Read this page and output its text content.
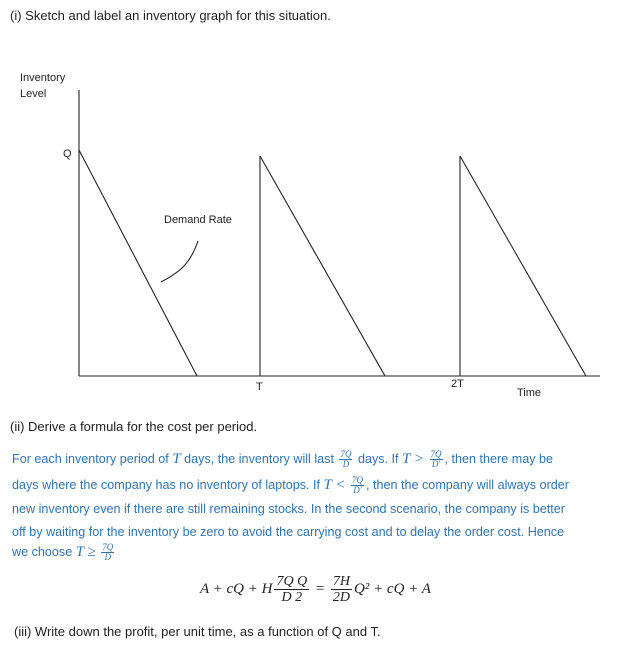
(i) Sketch and label an inventory graph for this situation.
Inventory
Level
Q
Demand Rate
T	2T
Time
(ii) Derive a formula for the cost per period.
For each inventory period of T days, the inventory will last $\frac{7Q}{D}$ days. If $T > \frac{7Q}{D'}$ , then there may be
days where the company has no inventory of laptops. If $T < \frac{7Q}{D'}$ , then the company will always order
new inventory even if there are still remaining stocks. In the second scenario, the company is better
off by waiting for the inventory be zero to avoid the carrying cost and to delay the order cost. Hence
we choose $T \ge \frac{7Q}{D}$
A + cQ + H $\frac{\text{7Q Q}}{D 2} = \frac{7H}{2D} Q^2$ + cQ + A
(iii) Write down the profit, per unit time, as a function of Q and T.
